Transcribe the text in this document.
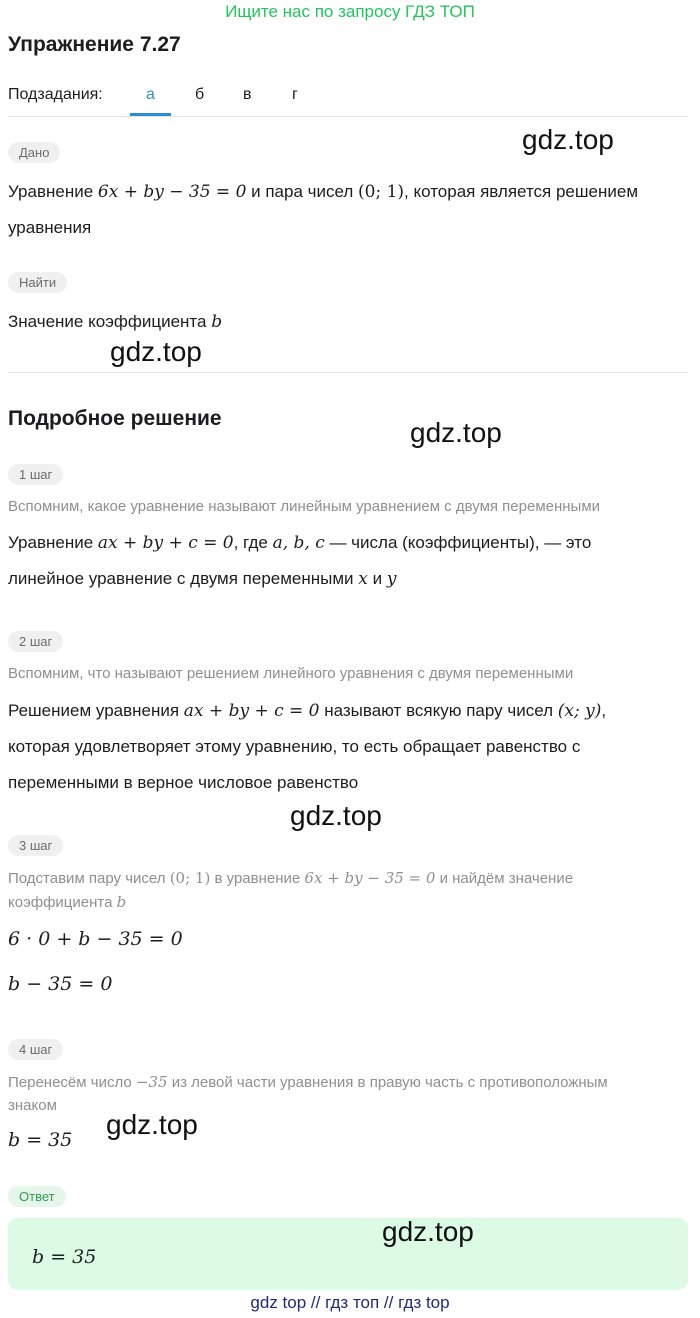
Ищите нас по запросу ГДЗ ТОП
Упражнение 7.27
Подзадания:	а	б в	г
Дано
Уравнение 6x + by − 35 = 0 и пара чисел (0; 1), которая является решением
уравнения
Найти
Значение коэффициента b
Подробное решение
1 шаг
Вспомним, какое уравнение называют линейным уравнением с двумя переменными
Уравнение ax + by + c = 0, где a, b, c — числа (коэффициенты), — это
линейное уравнение с двумя переменными x и y
2 шаг
Вспомним, что называют решением линейного уравнения с двумя переменными
Решением уравнения ax + by + c = 0 называют всякую пару чисел (x; y),
которая удовлетворяет этому уравнению, то есть обращает равенство с
переменными в верное числовое равенство
3 шаг
Подставим пару чисел (0; 1) в уравнение 6x + by − 35 = 0 и найдём значение
коэффициента b
6 · 0 + b − 35 = 0
b − 35 = 0
4 шаг
Перенесём число −35 из левой части уравнения в правую часть с противоположным
знаком
b = 35
Ответ
b = 35
gdz.top
gdz.top
gdz.top
gdz.top
gdz.top
gdz.top
gdz top // гдз топ // гдз top
